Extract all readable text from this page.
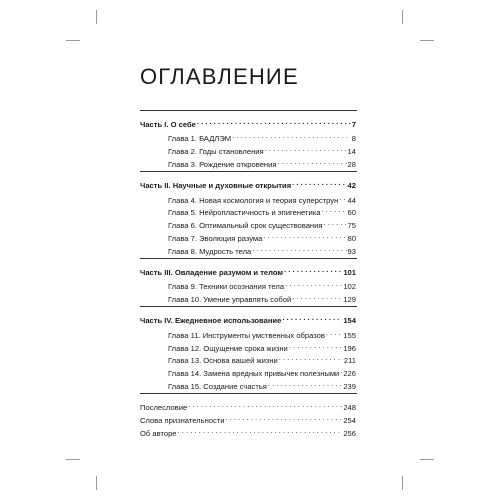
ОГЛАВЛЕНИЕ
Часть I. О себе . . .	7
Глава 1. БАДЛЭМ . . .	8
Глава 2. Годы становления . . .	14
Глава 3. Рождение откровения . . .	28
Часть II. Научные и духовные открытия . . .	42
Глава 4. Новая космология и теория суперструн . . . 44
Глава 5. Нейропластичность и эпигенетика . . .	60
Глава 6. Оптимальный срок существования . . .	75
Глава 7. Эволюция разума . . .	80
Глава 8. Мудрость тела . . .	93
Часть III. Овладение разумом и телом . . .	101
Глава 9. Техники осознания тела . . .	102
Глава 10. Умение управлять собой . . .	129
Часть IV. Ежедневное использование . . .	154
Глава 11. Инструменты умственных образов . . . 155
Глава 12. Ощущение срока жизни . . .	196
Глава 13. Основа вашей жизни . . .	211
Глава 14. Замена вредных привычек полезными . . . 226
Глава 15. Создание счастья . . .	239
Послесловие . . .	248
Слова признательности . . .	254
Об авторе . . .	256
